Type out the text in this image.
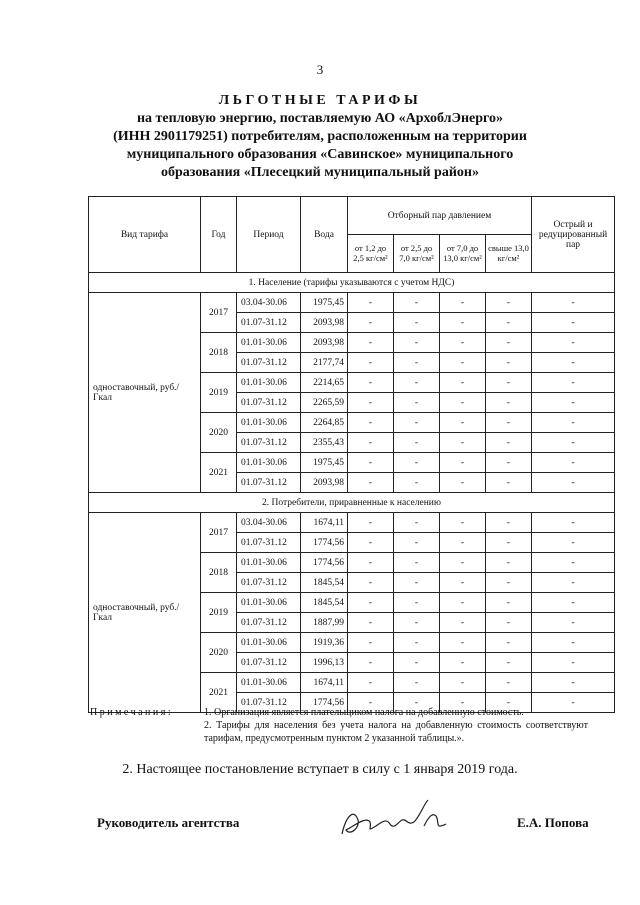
3
ЛЬГОТНЫЕ ТАРИФЫ
на тепловую энергию, поставляемую АО «АрхоблЭнерго»
(ИНН 2901179251) потребителям, расположенным на территории
муниципального образования «Савинское» муниципального
образования «Плесецкий муниципальный район»
Вид тарифа	Год	Период	Вода	Отборный пар давлением				Острый и редуцированный пар
				от 1,2 до 2,5 кг/см²	от 2,5 до 7,0 кг/см²	от 7,0 до 13,0 кг/см²	свыше 13,0 кг/см²	
1. Население (тарифы указываются с учетом НДС)								
одноставочный, руб./Гкал	2017	03.04-30.06	1975,45	-	-	-	-	-
		01.07-31.12	2093,98	-	-	-	-	-
	2018	01.01-30.06	2093,98	-	-	-	-	-
		01.07-31.12	2177,74	-	-	-	-	-
	2019	01.01-30.06	2214,65	-	-	-	-	-
		01.07-31.12	2265,59	-	-	-	-	-
	2020	01.01-30.06	2264,85	-	-	-	-	-
		01.07-31.12	2355,43	-	-	-	-	-
	2021	01.01-30.06	1975,45	-	-	-	-	-
		01.07-31.12	2093,98	-	-	-	-	-
2. Потребители, приравненные к населению								
одноставочный, руб./Гкал	2017	03.04-30.06	1674,11	-	-	-	-	-
		01.07-31.12	1774,56	-	-	-	-	-
	2018	01.01-30.06	1774,56	-	-	-	-	-
		01.07-31.12	1845,54	-	-	-	-	-
	2019	01.01-30.06	1845,54	-	-	-	-	-
		01.07-31.12	1887,99	-	-	-	-	-
	2020	01.01-30.06	1919,36	-	-	-	-	-
		01.07-31.12	1996,13	-	-	-	-	-
	2021	01.01-30.06	1674,11	-	-	-	-	-
		01.07-31.12	1774,56	-	-	-	-	-
Примечания:	1. Организация является плательщиком налога на добавленную стоимость.
2. Тарифы для населения без учета налога на добавленную стоимость соответствуют тарифам, предусмотренным пунктом 2 указанной таблицы.».
2. Настоящее постановление вступает в силу с 1 января 2019 года.
Руководитель агентства	Е.А. Попова
